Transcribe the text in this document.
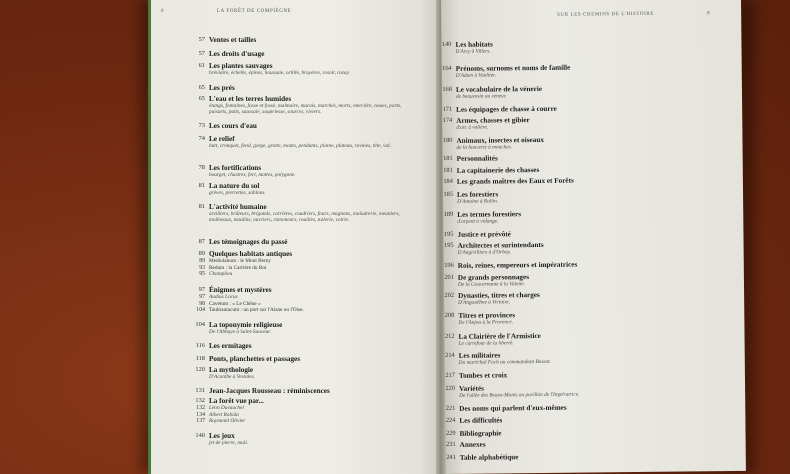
6	LA FORÊT DE COMPIÈGNE
57 Ventes et tailles
57 Les droits d'usage
61 Les plantes sauvages
bréviaire, échelle, épines, houssaie, ortille, bruyères, rosoir, rozay.
65 Les prés
65 L'eau et les terres humides
étangs, fontaines, fosse et fossé, malmaire, marais, marchés, morts, mercière, noues, ports, puisarts, puits, saussaie, saupriesse, sources, viviers.
73 Les cours d'eau
74 Le relief
butt, cronquet, fond, gorge, grotte, monts, pendants, plaine, plateau, ravines, tête, val.
78 Les fortifications
bourget, chastres, fort, mottes, polygone.
81 La nature du sol
grèves, pierrettes, sablons.
81 L'activité humaine
arzilliers, brûleurs, brigands, carrières, coudriers, fours, magnans, maladrerie, meuniers, molineaux, moulins, ouvriers, ramoneurs, rouilles, tuilerie, voirie.
87 Les témoignages du passé
89 Quelques habitats antiques
89 Mediolanum : le Mont Berny
93 Redum : la Carrière du Roi
95 Champlieu
97 Énigmes et mystères
97 Audius Locus
98 Cavetum : « Le Chêne »
104 Taubrautacum : un port sur l'Aisne ou l'Oise.
104 La toponymie religieuse
De l'Abbaye à Saint-Sauveur.
116 Les ermitages
118 Ponts, planchettes et passages
120 La mythologie
D'Acanthe à Vestales.
131 Jean-Jacques Rousseau : réminiscences
132 La forêt vue par...
132 Léon Duvauchel
134 Albert Robida
137 Raymond Olivier
140 Les jeux
jet de pierre, mail.
SUR LES CHEMINS DE L'HISTOIRE	8
140 Les habitats
D'Arcy à Villers.
164 Prénoms, surnoms et noms de famille
D'Adam à Vaultier.
168 Le vocabulaire de la vénerie
de beauvesin au veneur.
171 Les équipages de chasse à courre
174 Armes, chasses et gibier
d'arc à volière.
180 Animaux, insectes et oiseaux
de la bouverie à mouches.
181 Personnalités
181 La capitainerie des chasses
184 Les grands maîtres des Eaux et Forêts
185 Les forestiers
D'Antoine à Rollin.
189 Les termes forestiers
d'arpent à vidange.
195 Justice et prévôté
195 Architectes et surintendants
D'Angivilliers à d'Orbay.
196 Rois, reines, empereurs et impératrices
201 De grands personnages
De la Gouvernante à la Valette.
202 Dynasties, titres et charges
D'Angoulême à Victoire.
208 Titres et provinces
De l'Anjou à la Provence.
212 La Clairière de l'Armistice
Le carrefour de la liberté.
214 Les militaires
Du maréchal Foch au commandant Bossut.
217 Tombes et croix
220 Variétés
De l'allée des Beaux-Monts au pavillon de l'Impératrice.
221 Des noms qui parlent d'eux-mêmes
224 Les difficultés
229 Bibliographie
231 Annexes
241 Table alphabétique
